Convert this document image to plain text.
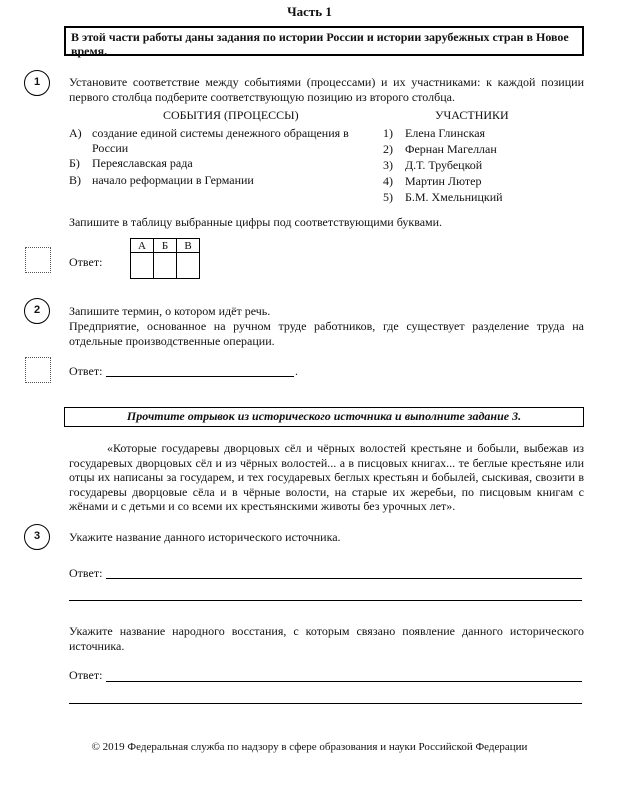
Часть 1
В этой части работы даны задания по истории России и истории зарубежных стран в Новое время.
1	Установите соответствие между событиями (процессами) и их участниками: к каждой позиции первого столбца подберите соответствующую позицию из второго столбца.
СОБЫТИЯ (ПРОЦЕССЫ)	УЧАСТНИКИ
А) создание единой системы денежного обращения в России
Б) Переяславская рада
В) начало реформации в Германии
1) Елена Глинская
2) Фернан Магеллан
3) Д.Т. Трубецкой
4) Мартин Лютер
5) Б.М. Хмельницкий
Запишите в таблицу выбранные цифры под соответствующими буквами.
Ответ:
А	Б	В

2	Запишите термин, о котором идёт речь.
Предприятие, основанное на ручном труде работников, где существует разделение труда на отдельные производственные операции.
Ответ:	.
Прочтите отрывок из исторического источника и выполните задание 3.
«Которые государевы дворцовых сёл и чёрных волостей крестьяне и бобыли, выбежав из государевых дворцовых сёл и из чёрных волостей... а в писцовых книгах... те беглые крестьяне или отцы их написаны за государем, и тех государевых беглых крестьян и бобылей, сыскивая, свозити в государевы дворцовые сёла и в чёрные волости, на старые их жеребьи, по писцовым книгам с жёнами и с детьми и со всеми их крестьянскими животы без урочных лет».
3	Укажите название данного исторического источника.
Ответ:
Укажите название народного восстания, с которым связано появление данного исторического источника.
Ответ:
© 2019 Федеральная служба по надзору в сфере образования и науки Российской Федерации
